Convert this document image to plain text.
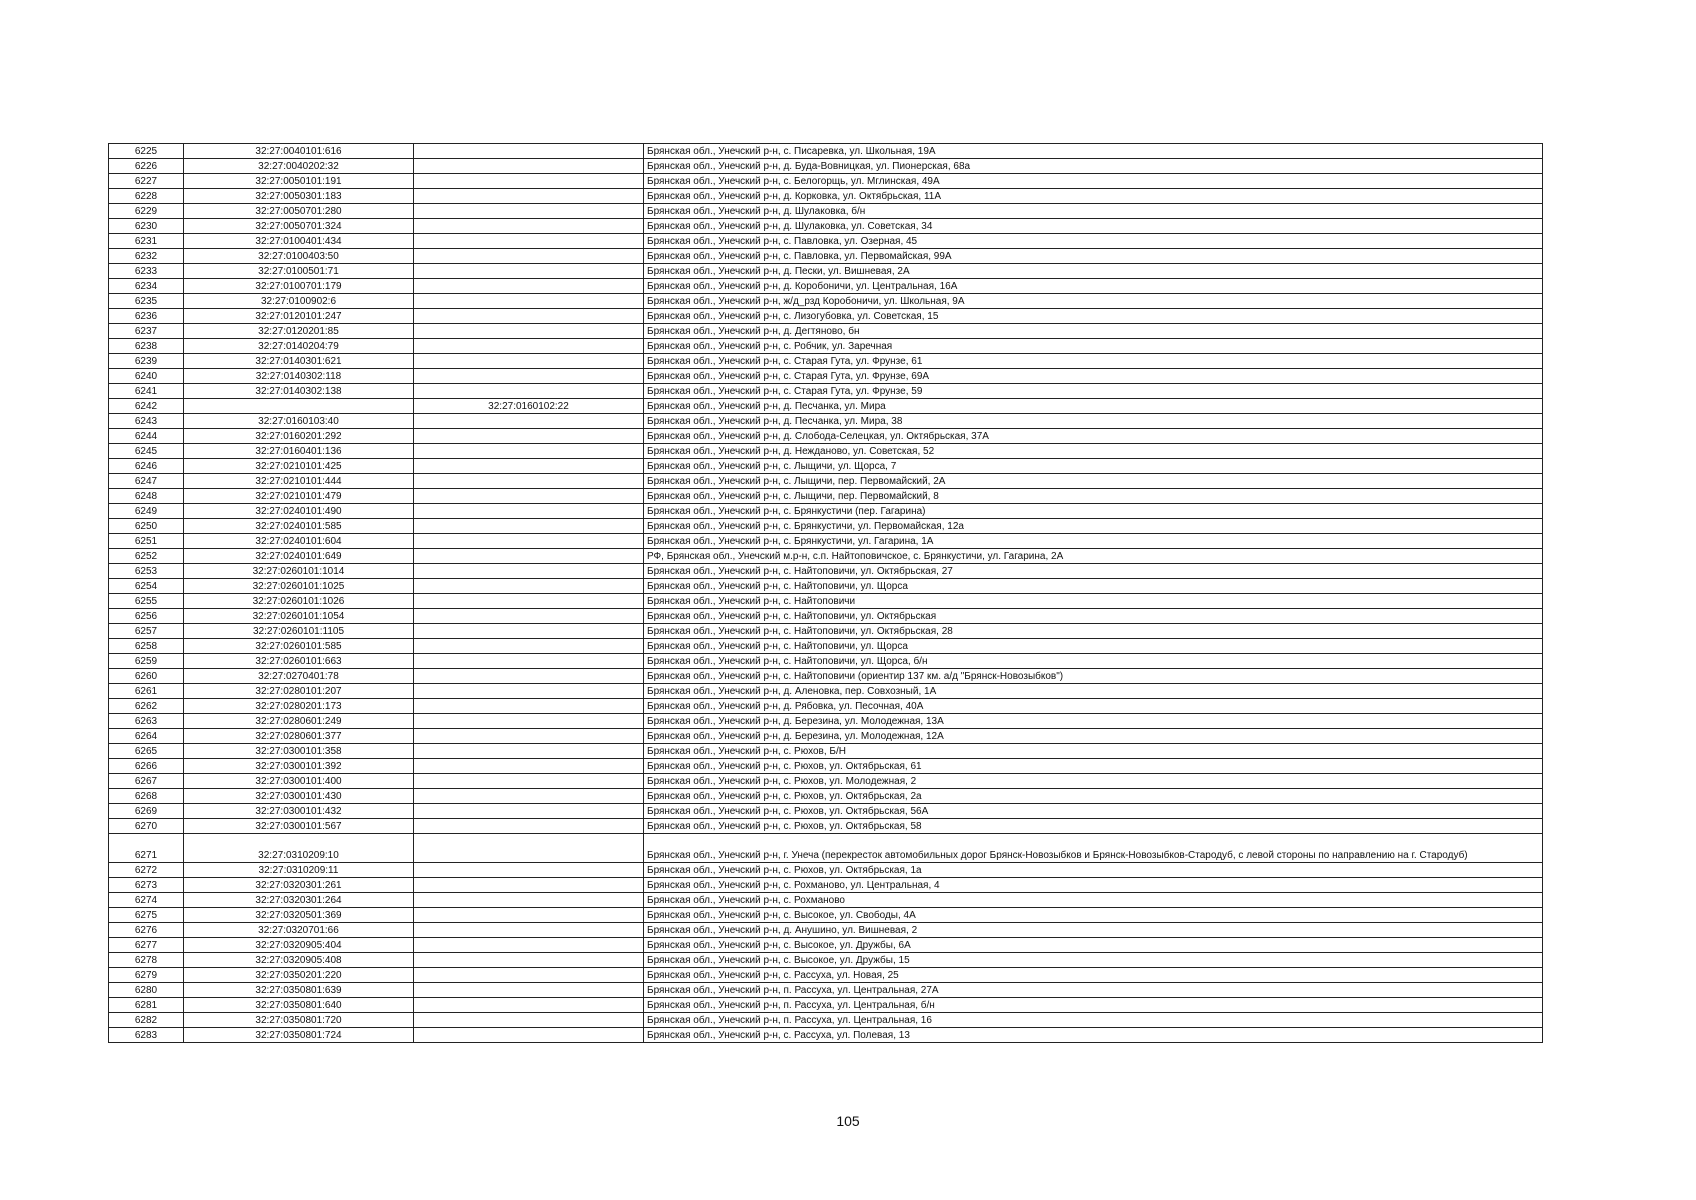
6225	32:27:0040101:616		Брянская обл., Унечский р-н, с. Писаревка, ул. Школьная, 19А
6226	32:27:0040202:32		Брянская обл., Унечский р-н, д. Буда-Вовницкая, ул. Пионерская, 68а
6227	32:27:0050101:191		Брянская обл., Унечский р-н, с. Белогорщь, ул. Мглинская, 49А
6228	32:27:0050301:183		Брянская обл., Унечский р-н, д. Корковка, ул. Октябрьская, 11А
6229	32:27:0050701:280		Брянская обл., Унечский р-н, д. Шулаковка, б/н
6230	32:27:0050701:324		Брянская обл., Унечский р-н, д. Шулаковка, ул. Советская, 34
6231	32:27:0100401:434		Брянская обл., Унечский р-н, с. Павловка, ул. Озерная, 45
6232	32:27:0100403:50		Брянская обл., Унечский р-н, с. Павловка, ул. Первомайская, 99А
6233	32:27:0100501:71		Брянская обл., Унечский р-н, д. Пески, ул. Вишневая, 2А
6234	32:27:0100701:179		Брянская обл., Унечский р-н, д. Коробоничи, ул. Центральная, 16А
6235	32:27:0100902:6		Брянская обл., Унечский р-н, ж/д_рзд Коробоничи, ул. Школьная, 9А
6236	32:27:0120101:247		Брянская обл., Унечский р-н, с. Лизогубовка, ул. Советская, 15
6237	32:27:0120201:85		Брянская обл., Унечский р-н, д. Дегтяново, бн
6238	32:27:0140204:79		Брянская обл., Унечский р-н, с. Робчик, ул. Заречная
6239	32:27:0140301:621		Брянская обл., Унечский р-н, с. Старая Гута, ул. Фрунзе, 61
6240	32:27:0140302:118		Брянская обл., Унечский р-н, с. Старая Гута, ул. Фрунзе, 69А
6241	32:27:0140302:138		Брянская обл., Унечский р-н, с. Старая Гута, ул. Фрунзе, 59
6242		32:27:0160102:22	Брянская обл., Унечский р-н, д. Песчанка, ул. Мира
6243	32:27:0160103:40		Брянская обл., Унечский р-н, д. Песчанка, ул. Мира, 38
6244	32:27:0160201:292		Брянская обл., Унечский р-н, д. Слобода-Селецкая, ул. Октябрьская, 37А
6245	32:27:0160401:136		Брянская обл., Унечский р-н, д. Нежданово, ул. Советская, 52
6246	32:27:0210101:425		Брянская обл., Унечский р-н, с. Лыщичи, ул. Щорса, 7
6247	32:27:0210101:444		Брянская обл., Унечский р-н, с. Лыщичи, пер. Первомайский, 2А
6248	32:27:0210101:479		Брянская обл., Унечский р-н, с. Лыщичи, пер. Первомайский, 8
6249	32:27:0240101:490		Брянская обл., Унечский р-н, с. Брянкустичи (пер. Гагарина)
6250	32:27:0240101:585		Брянская обл., Унечский р-н, с. Брянкустичи, ул. Первомайская, 12а
6251	32:27:0240101:604		Брянская обл., Унечский р-н, с. Брянкустичи, ул. Гагарина, 1А
6252	32:27:0240101:649		РФ, Брянская обл., Унечский м.р-н, с.п. Найтоповичское, с. Брянкустичи, ул. Гагарина, 2А
6253	32:27:0260101:1014		Брянская обл., Унечский р-н, с. Найтоповичи, ул. Октябрьская, 27
6254	32:27:0260101:1025		Брянская обл., Унечский р-н, с. Найтоповичи, ул. Щорса
6255	32:27:0260101:1026		Брянская обл., Унечский р-н, с. Найтоповичи
6256	32:27:0260101:1054		Брянская обл., Унечский р-н, с. Найтоповичи, ул. Октябрьская
6257	32:27:0260101:1105		Брянская обл., Унечский р-н, с. Найтоповичи, ул. Октябрьская, 28
6258	32:27:0260101:585		Брянская обл., Унечский р-н, с. Найтоповичи, ул. Щорса
6259	32:27:0260101:663		Брянская обл., Унечский р-н, с. Найтоповичи, ул. Щорса, б/н
6260	32:27:0270401:78		Брянская обл., Унечский р-н, с. Найтоповичи (ориентир 137 км. а/д "Брянск-Новозыбков")
6261	32:27:0280101:207		Брянская обл., Унечский р-н, д. Аленовка, пер. Совхозный, 1А
6262	32:27:0280201:173		Брянская обл., Унечский р-н, д. Рябовка, ул. Песочная, 40А
6263	32:27:0280601:249		Брянская обл., Унечский р-н, д. Березина, ул. Молодежная, 13А
6264	32:27:0280601:377		Брянская обл., Унечский р-н, д. Березина, ул. Молодежная, 12А
6265	32:27:0300101:358		Брянская обл., Унечский р-н, с. Рюхов, Б/Н
6266	32:27:0300101:392		Брянская обл., Унечский р-н, с. Рюхов, ул. Октябрьская, 61
6267	32:27:0300101:400		Брянская обл., Унечский р-н, с. Рюхов, ул. Молодежная, 2
6268	32:27:0300101:430		Брянская обл., Унечский р-н, с. Рюхов, ул. Октябрьская, 2а
6269	32:27:0300101:432		Брянская обл., Унечский р-н, с. Рюхов, ул. Октябрьская, 56А
6270	32:27:0300101:567		Брянская обл., Унечский р-н, с. Рюхов, ул. Октябрьская, 58
6271	32:27:0310209:10		Брянская обл., Унечский р-н, г. Унеча (перекресток автомобильных дорог Брянск-Новозыбков и Брянск-Новозыбков-Стародуб, с левой стороны по направлению на г. Стародуб)
6272	32:27:0310209:11		Брянская обл., Унечский р-н, с. Рюхов, ул. Октябрьская, 1а
6273	32:27:0320301:261		Брянская обл., Унечский р-н, с. Рохманово, ул. Центральная, 4
6274	32:27:0320301:264		Брянская обл., Унечский р-н, с. Рохманово
6275	32:27:0320501:369		Брянская обл., Унечский р-н, с. Высокое, ул. Свободы, 4А
6276	32:27:0320701:66		Брянская обл., Унечский р-н, д. Анушино, ул. Вишневая, 2
6277	32:27:0320905:404		Брянская обл., Унечский р-н, с. Высокое, ул. Дружбы, 6А
6278	32:27:0320905:408		Брянская обл., Унечский р-н, с. Высокое, ул. Дружбы, 15
6279	32:27:0350201:220		Брянская обл., Унечский р-н, с. Рассуха, ул. Новая, 25
6280	32:27:0350801:639		Брянская обл., Унечский р-н, п. Рассуха, ул. Центральная, 27А
6281	32:27:0350801:640		Брянская обл., Унечский р-н, п. Рассуха, ул. Центральная, б/н
6282	32:27:0350801:720		Брянская обл., Унечский р-н, п. Рассуха, ул. Центральная, 16
6283	32:27:0350801:724		Брянская обл., Унечский р-н, с. Рассуха, ул. Полевая, 13
105
